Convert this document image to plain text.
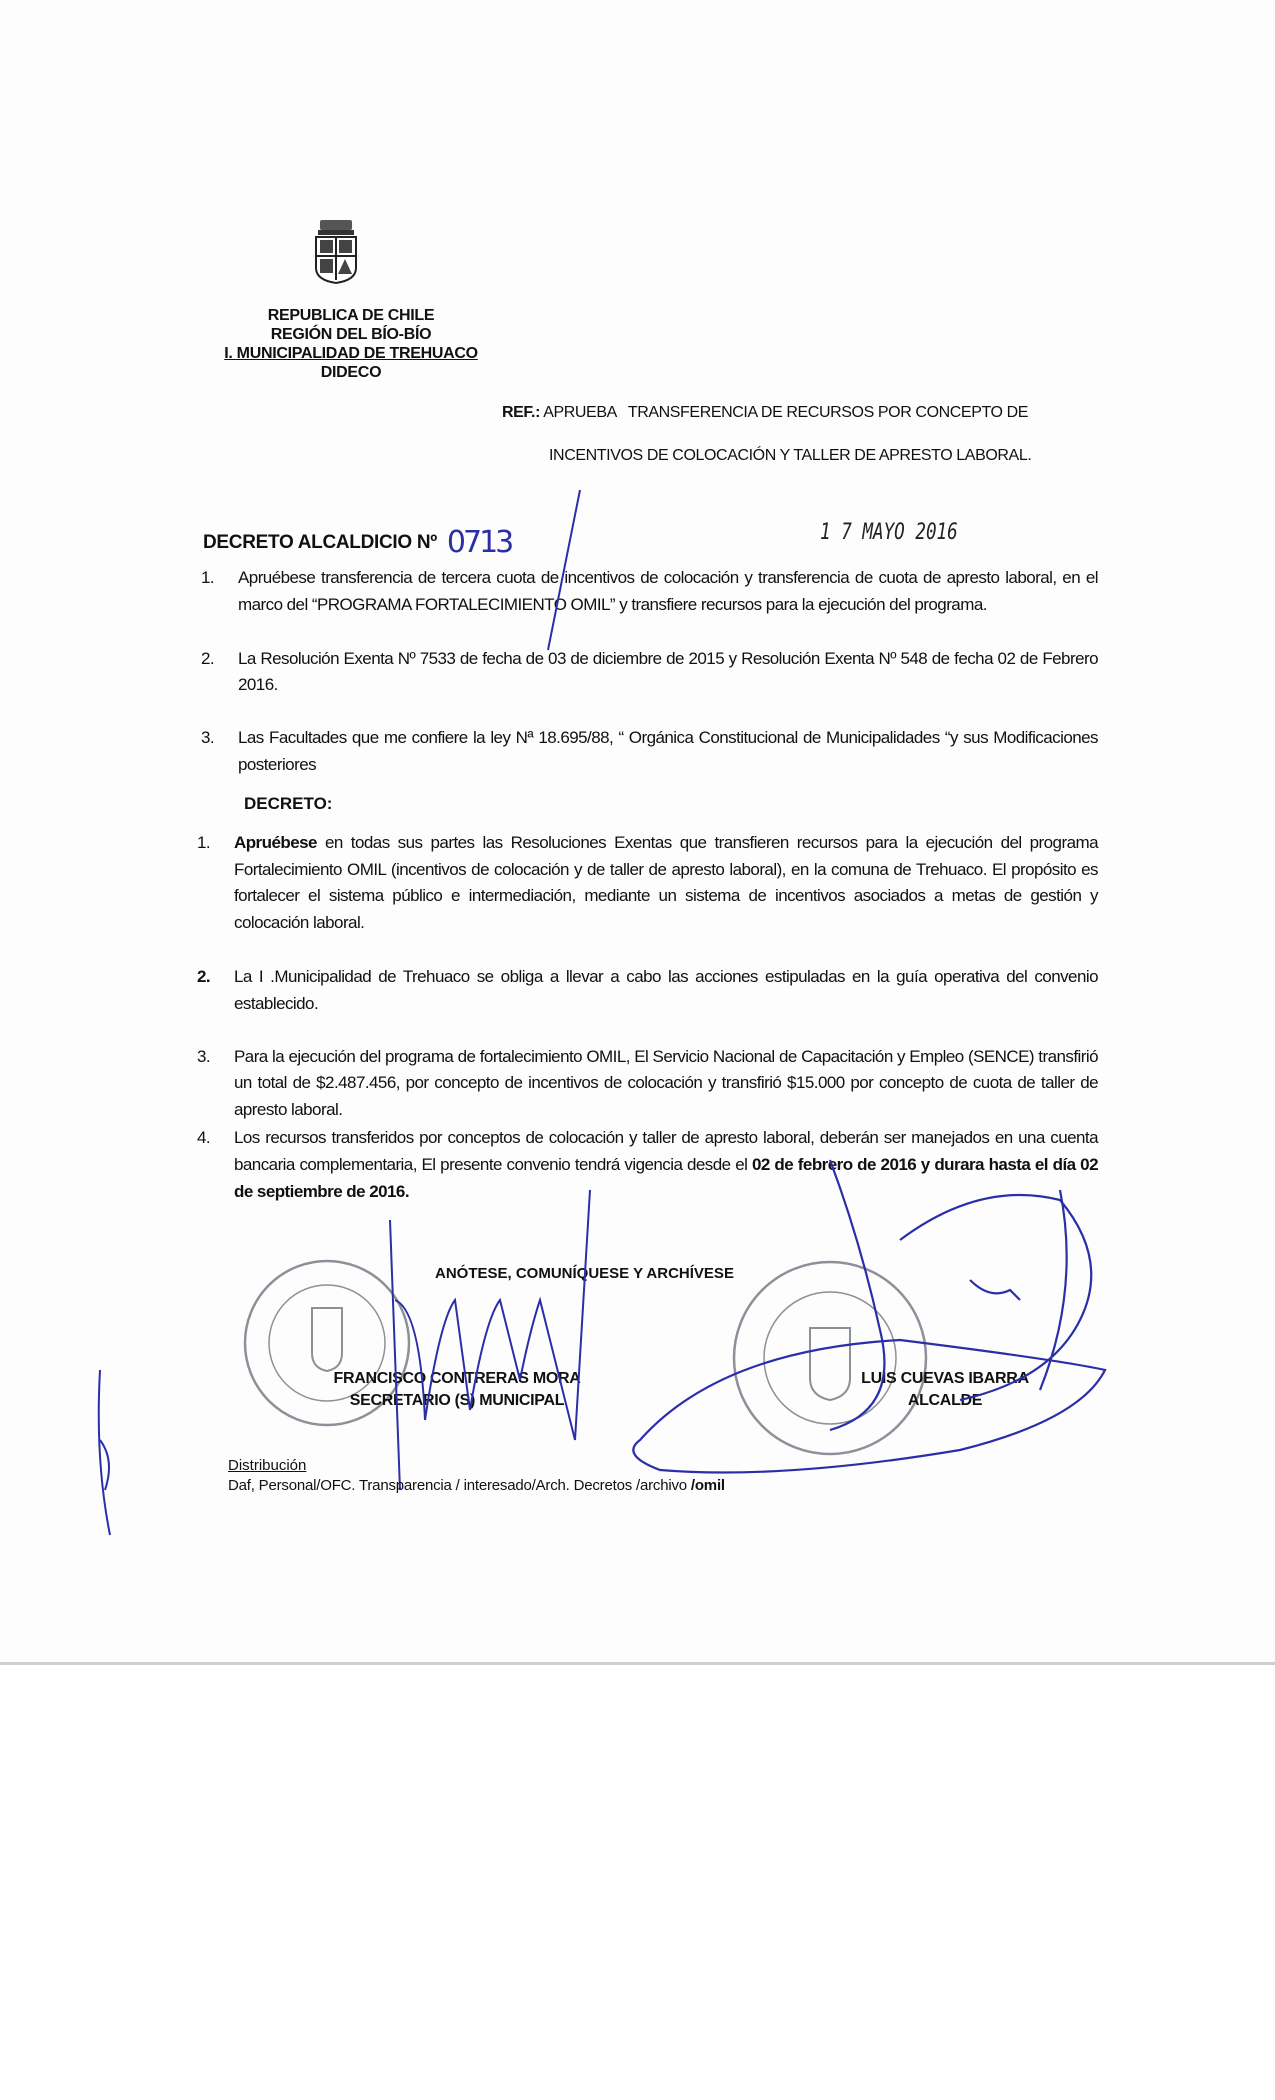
REPUBLICA DE CHILE
REGIÓN DEL BÍO-BÍO
I. MUNICIPALIDAD DE TREHUACO
DIDECO
REF.: APRUEBA   TRANSFERENCIA DE RECURSOS POR CONCEPTO DE
INCENTIVOS DE COLOCACIÓN Y TALLER DE APRESTO LABORAL.
DECRETO ALCALDICIO Nº 0713	1 7 MAYO 2016
1.	Apruébese transferencia de tercera cuota de incentivos de colocación y transferencia de cuota de apresto laboral, en el marco del “PROGRAMA FORTALECIMIENTO OMIL” y transfiere recursos para la ejecución del programa.
2.	La Resolución Exenta Nº 7533 de fecha de 03 de diciembre de 2015 y Resolución Exenta Nº 548 de fecha 02 de Febrero 2016.
3.	Las Facultades que me confiere la ley Nª 18.695/88, “ Orgánica Constitucional de Municipalidades “y sus Modificaciones posteriores
DECRETO:
1.	Apruébese en todas sus partes las Resoluciones Exentas que transfieren recursos para la ejecución del programa Fortalecimiento OMIL (incentivos de colocación y de taller de apresto laboral), en la comuna de Trehuaco. El propósito es fortalecer el sistema público e intermediación, mediante un sistema de incentivos asociados a metas de gestión y colocación laboral.
2.	La I .Municipalidad de Trehuaco se obliga a llevar a cabo las acciones estipuladas en la guía operativa del convenio establecido.
3.	Para la ejecución del programa de fortalecimiento OMIL, El Servicio Nacional de Capacitación y Empleo (SENCE) transfirió un total de $2.487.456, por concepto de incentivos de colocación y transfirió $15.000 por concepto de cuota de taller de apresto laboral.
4.	Los recursos transferidos por conceptos de colocación y taller de apresto laboral, deberán ser manejados en una cuenta bancaria complementaria, El presente convenio tendrá vigencia desde el 02 de febrero de 2016 y durara hasta el día 02 de septiembre de 2016.
ANÓTESE, COMUNÍQUESE Y ARCHÍVESE
FRANCISCO CONTRERAS MORA
SECRETARIO (S) MUNICIPAL
LUIS CUEVAS IBARRA
ALCALDE
Distribución
Daf, Personal/OFC. Transparencia / interesado/Arch. Decretos /archivo /omil
